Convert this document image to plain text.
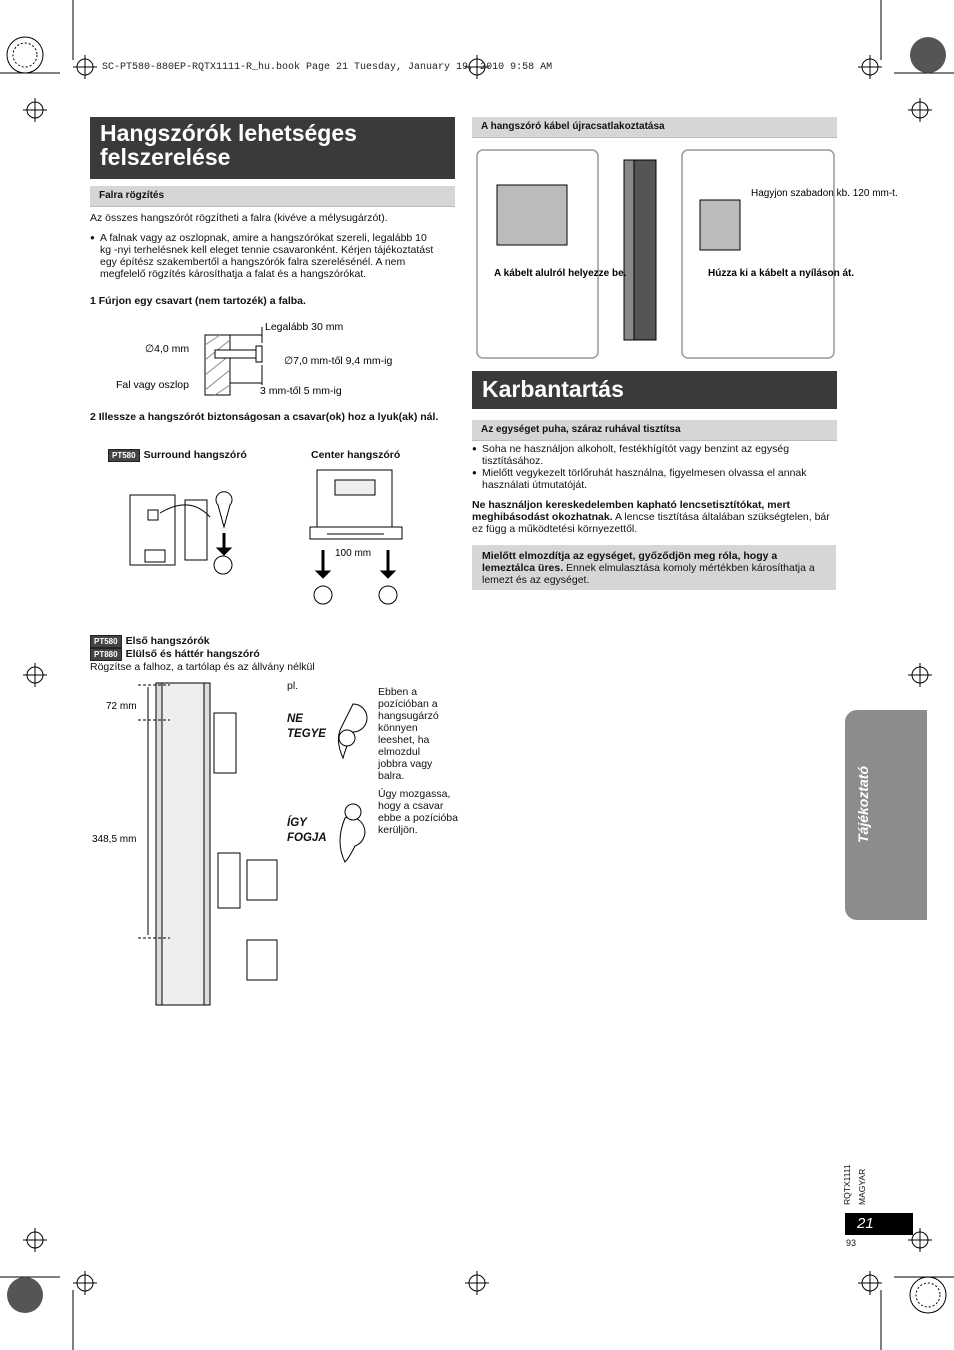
SC-PT580-880EP-RQTX1111-R_hu.book Page 21 Tuesday, January 19, 2010 9:58 AM
Hangszórók lehetséges felszerelése
Falra rögzítés
Az összes hangszórót rögzítheti a falra (kivéve a mélysugárzót).
● A falnak vagy az oszlopnak, amire a hangszórókat szereli, legalább 10 kg -nyi terhelésnek kell eleget tennie csavaronként. Kérjen tájékoztatást egy építész szakembertől a hangszórók falra szerelésénél. A nem megfelelő rögzítés károsíthatja a falat és a hangszórókat.
1 Fúrjon egy csavart (nem tartozék) a falba.
Legalább 30 mm
∅4,0 mm
∅7,0 mm-től 9,4 mm-ig
Fal vagy oszlop	3 mm-től 5 mm-ig
2 Illessze a hangszórót biztonságosan a csavar(ok) hoz a lyuk(ak) nál.
PT580 Surround hangszóró	Center hangszóró
100 mm
PT580 Első hangszórók
PT880 Elülső és háttér hangszóró
Rögzítse a falhoz, a tartólap és az állvány nélkül
72 mm
348,5 mm
pl.
NE TEGYE
Ebben a pozícióban a hangsugárzó könnyen leeshet, ha elmozdul jobbra vagy balra.
ÍGY FOGJA
Úgy mozgassa, hogy a csavar ebbe a pozícióba kerüljön.
A hangszóró kábel újracsatlakoztatása
A kábelt alulról helyezze be.	Húzza ki a kábelt a nyíláson át.
Hagyjon szabadon kb. 120 mm-t.
Karbantartás
Az egységet puha, száraz ruhával tisztítsa
● Soha ne használjon alkoholt, festékhígítót vagy benzint az egység tisztításához.
● Mielőtt vegykezelt törlőruhát használna, figyelmesen olvassa el annak használati útmutatóját.
Ne használjon kereskedelemben kapható lencsetisztítókat, mert meghibásodást okozhatnak. A lencse tisztítása általában szükségtelen, bár ez függ a működtetési környezettől.
Mielőtt elmozdítja az egységet, győződjön meg róla, hogy a lemeztálca üres. Ennek elmulasztása komoly mértékben károsíthatja a lemezt és az egységet.
Tájékoztató
RQTX1111 MAGYAR
21
93
